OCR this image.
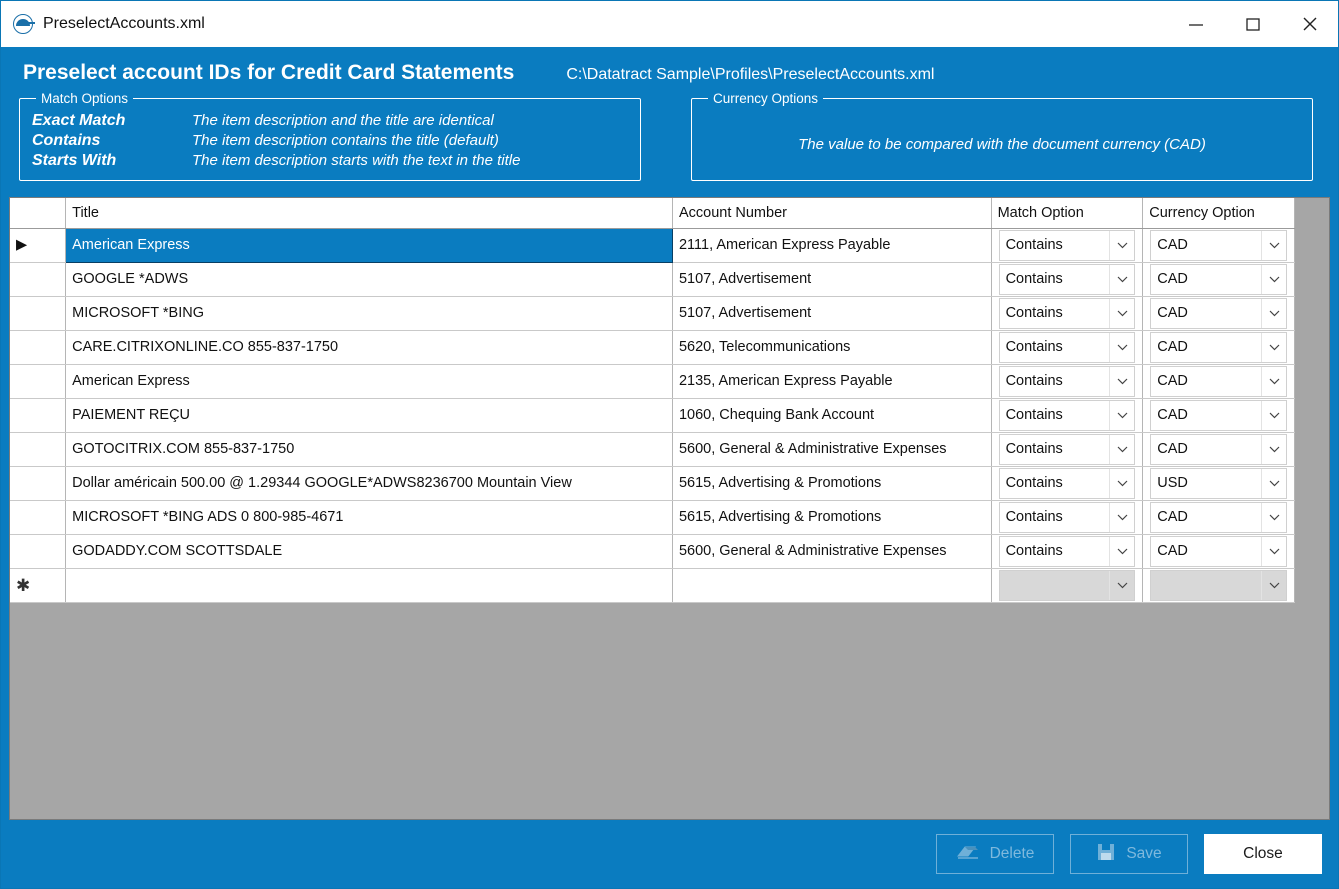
PreselectAccounts.xml
Preselect account IDs for Credit Card Statements	C:\Datatract Sample\Profiles\PreselectAccounts.xml
Match Options
Exact Match	The item description and the title are identical
Contains	The item description contains the title (default)
Starts With	The item description starts with the text in the title
Currency Options
The value to be compared with the document currency (CAD)
	Title	Account Number	Match Option	Currency Option
▶	American Express	2111, American Express Payable	Contains	CAD

	GOOGLE *ADWS	5107, Advertisement	Contains	CAD

	MICROSOFT *BING	5107, Advertisement	Contains	CAD

	CARE.CITRIXONLINE.CO 855-837-1750	5620, Telecommunications	Contains	CAD

	American Express	2135, American Express Payable	Contains	CAD

	PAIEMENT REÇU	1060, Chequing Bank Account	Contains	CAD

	GOTOCITRIX.COM 855-837-1750	5600, General & Administrative Expenses	Contains	CAD

	Dollar américain 500.00 @ 1.29344 GOOGLE*ADWS8236700 Mountain View	5615, Advertising & Promotions	Contains	USD

	MICROSOFT *BING ADS 0 800-985-4671	5615, Advertising & Promotions	Contains	CAD

	GODADDY.COM SCOTTSDALE	5600, General & Administrative Expenses	Contains	CAD

✱			

Delete	Save	Close
